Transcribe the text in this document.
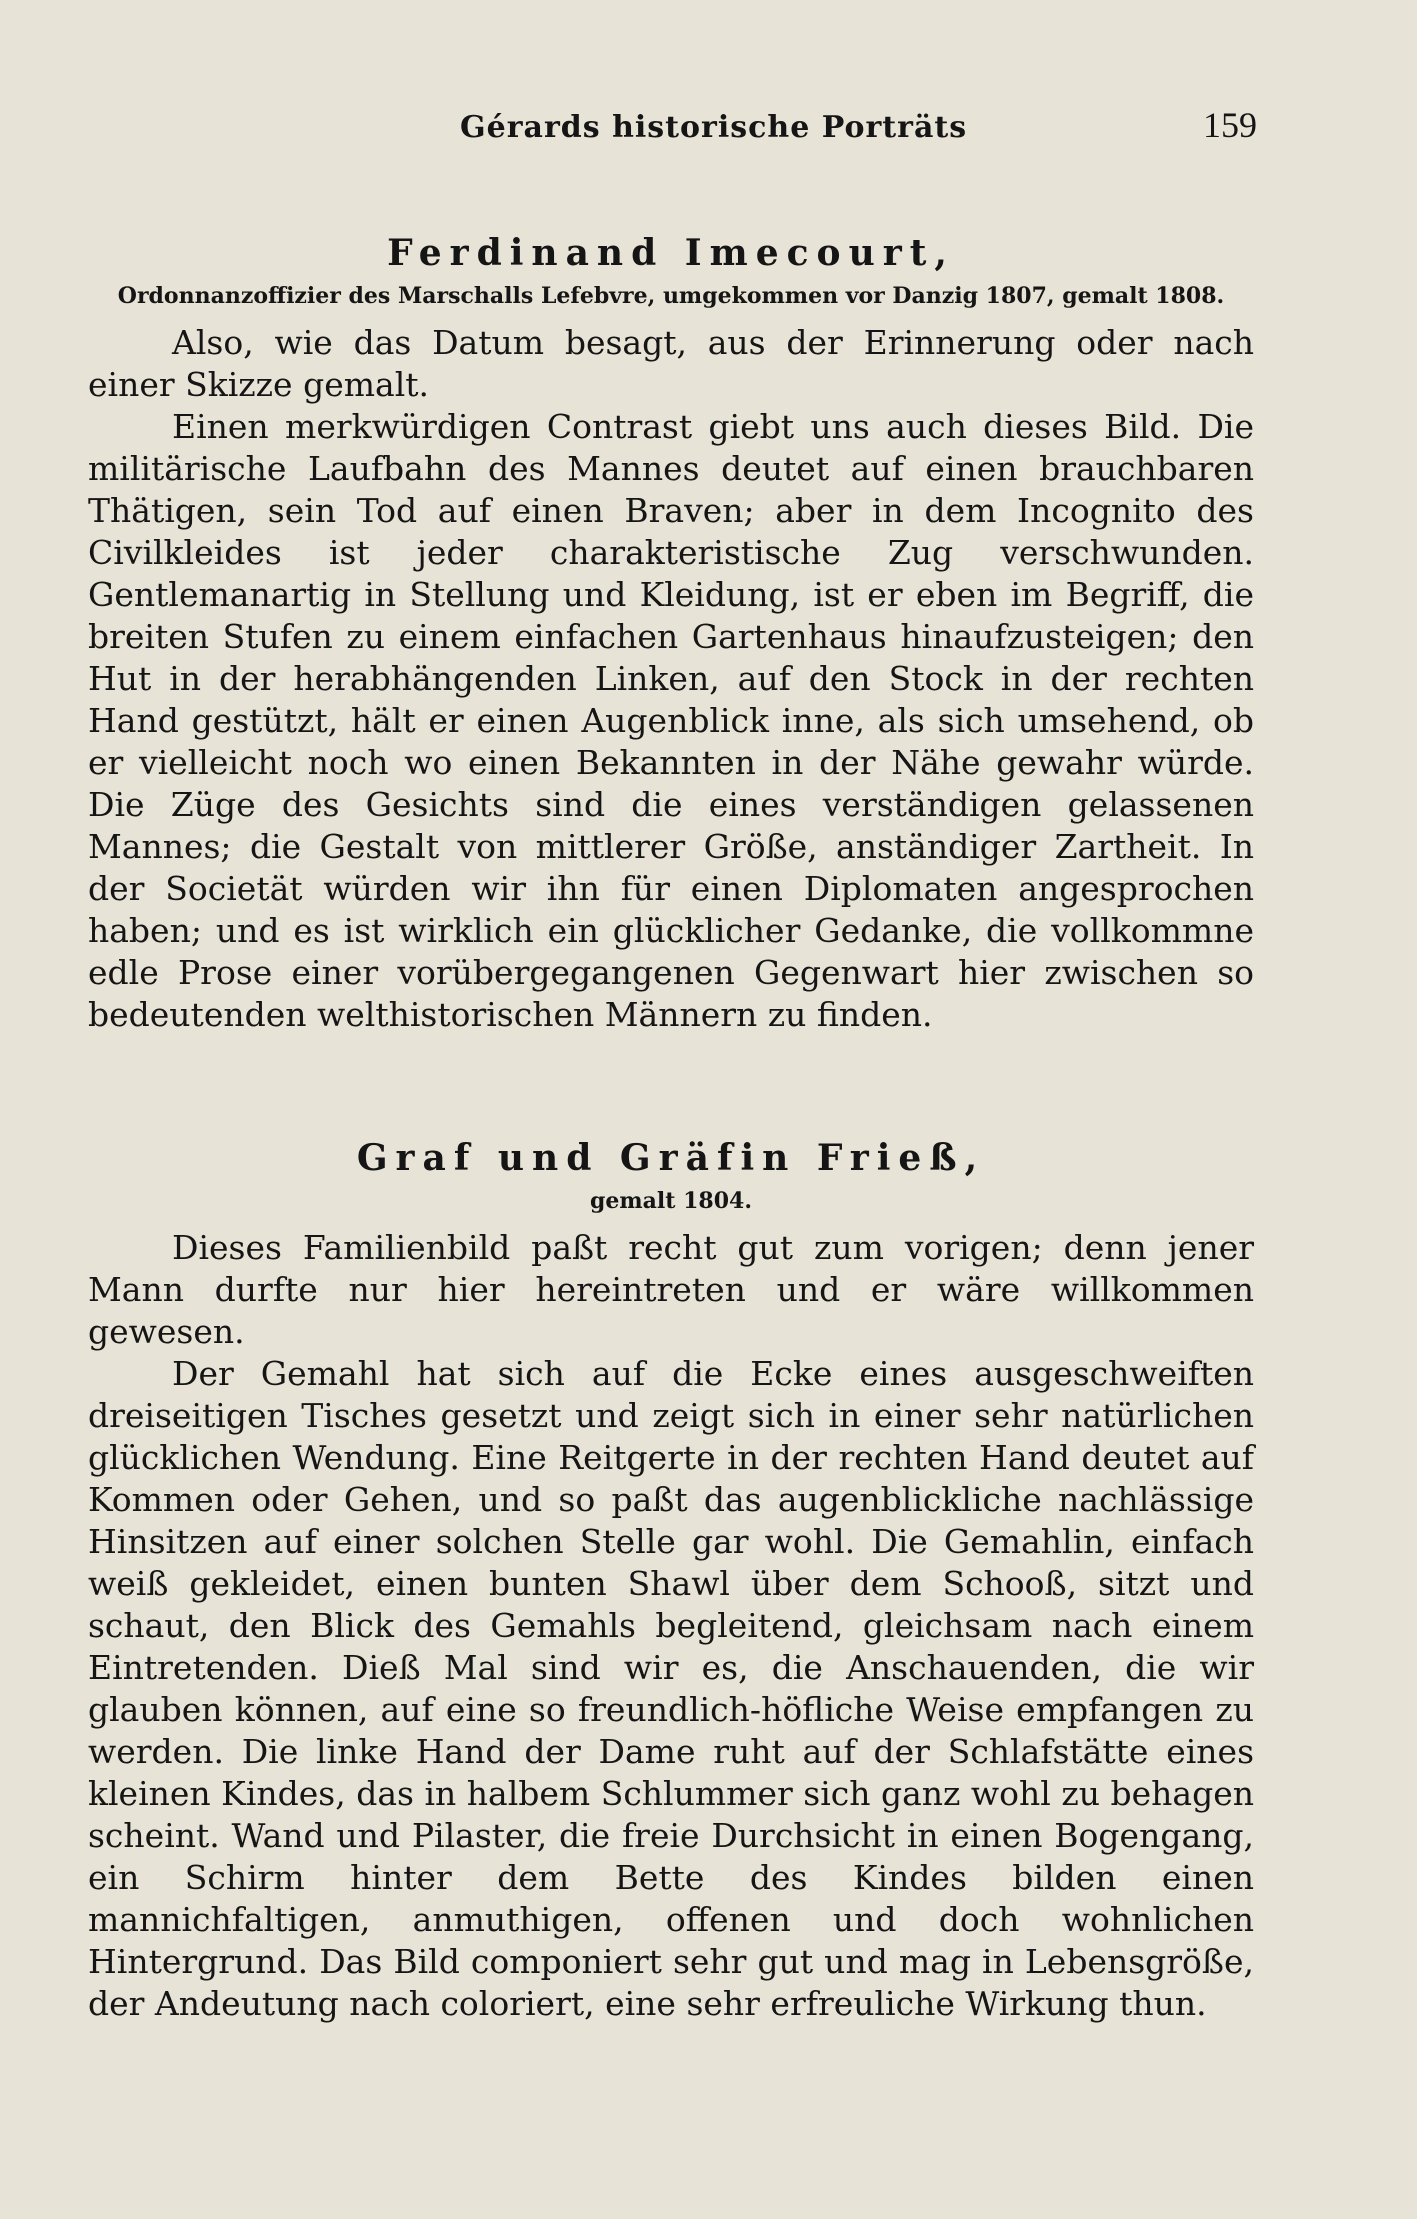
Gérards historische Porträts	159
Ferdinand Imecourt,
Ordonnanzoffizier des Marschalls Lefebvre, umgekommen vor Danzig 1807, gemalt 1808.

Also, wie das Datum besagt, aus der Erinnerung oder nach einer Skizze gemalt.

Einen merkwürdigen Contrast giebt uns auch dieses Bild. Die militärische Laufbahn des Mannes deutet auf einen brauchbaren Thätigen, sein Tod auf einen Braven; aber in dem Incognito des Civilkleides ist jeder charakteristische Zug verschwunden. Gentlemanartig in Stellung und Kleidung, ist er eben im Begriff, die breiten Stufen zu einem einfachen Gartenhaus hinaufzusteigen; den Hut in der herabhängenden Linken, auf den Stock in der rechten Hand gestützt, hält er einen Augenblick inne, als sich umsehend, ob er vielleicht noch wo einen Bekannten in der Nähe gewahr würde. Die Züge des Gesichts sind die eines verständigen gelassenen Mannes; die Gestalt von mittlerer Größe, anständiger Zartheit. In der Societät würden wir ihn für einen Diplomaten angesprochen haben; und es ist wirklich ein glücklicher Gedanke, die vollkommne edle Prose einer vorübergegangenen Gegenwart hier zwischen so bedeutenden welthistorischen Männern zu finden.

Graf und Gräfin Frieß,
gemalt 1804.

Dieses Familienbild paßt recht gut zum vorigen; denn jener Mann durfte nur hier hereintreten und er wäre willkommen gewesen.

Der Gemahl hat sich auf die Ecke eines ausgeschweiften dreiseitigen Tisches gesetzt und zeigt sich in einer sehr natürlichen glücklichen Wendung. Eine Reitgerte in der rechten Hand deutet auf Kommen oder Gehen, und so paßt das augenblickliche nachlässige Hinsitzen auf einer solchen Stelle gar wohl. Die Gemahlin, einfach weiß gekleidet, einen bunten Shawl über dem Schooß, sitzt und schaut, den Blick des Gemahls begleitend, gleichsam nach einem Eintretenden. Dieß Mal sind wir es, die Anschauenden, die wir glauben können, auf eine so freundlich-höfliche Weise empfangen zu werden. Die linke Hand der Dame ruht auf der Schlafstätte eines kleinen Kindes, das in halbem Schlummer sich ganz wohl zu behagen scheint. Wand und Pilaster, die freie Durchsicht in einen Bogengang, ein Schirm hinter dem Bette des Kindes bilden einen mannichfaltigen, anmuthigen, offenen und doch wohnlichen Hintergrund. Das Bild componiert sehr gut und mag in Lebensgröße, der Andeutung nach coloriert, eine sehr erfreuliche Wirkung thun.
